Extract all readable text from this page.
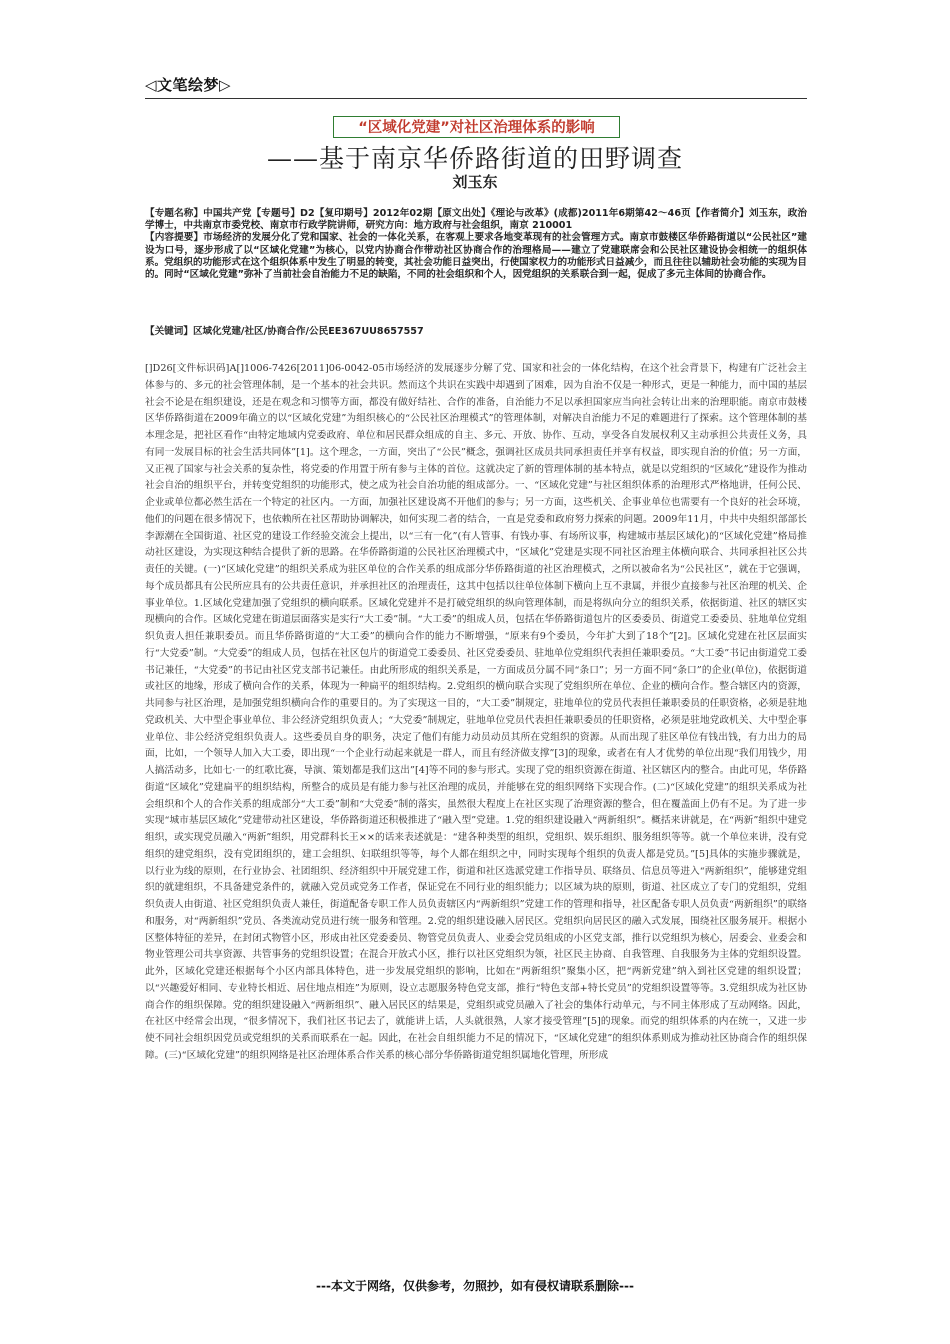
◁文笔绘梦▷
“区域化党建”对社区治理体系的影响
——基于南京华侨路街道的田野调查
刘玉东

【专题名称】中国共产党【专题号】D2【复印期号】2012年02期【原文出处】《理论与改革》(成都)2011年6期第42～46页【作者简介】刘玉东，政治学博士，中共南京市委党校、南京市行政学院讲师，研究方向：地方政府与社会组织，南京 210001

【内容提要】市场经济的发展分化了党和国家、社会的一体化关系，在客观上要求各地变革现有的社会管理方式。南京市鼓楼区华侨路街道以“公民社区”建设为口号，逐步形成了以“区域化党建”为核心，以党内协商合作带动社区协商合作的治理格局——建立了党建联席会和公民社区建设协会相统一的组织体系。党组织的功能形式在这个组织体系中发生了明显的转变，其社会功能日益突出，行使国家权力的功能形式日益减少，而且往往以辅助社会功能的实现为目的。同时“区域化党建”弥补了当前社会自治能力不足的缺陷，不同的社会组织和个人，因党组织的关系联合到一起，促成了多元主体间的协商合作。

【关键词】区域化党建/社区/协商合作/公民EE367UU8657557

[]D26[文件标识码]A[]1006-7426[2011]06-0042-05市场经济的发展逐步分解了党、国家和社会的一体化结构，在这个社会背景下，构建有广泛社会主体参与的、多元的社会管理体制，是一个基本的社会共识。然而这个共识在实践中却遇到了困难，因为自治不仅是一种形式，更是一种能力，而中国的基层社会不论是在组织建设，还是在观念和习惯等方面，都没有做好结社、合作的准备，自治能力不足以承担国家应当向社会转让出来的治理职能。南京市鼓楼区华侨路街道在2009年确立的以“区域化党建”为组织核心的“公民社区治理模式”的管理体制，对解决自治能力不足的难题进行了探索。这个管理体制的基本理念是，把社区看作“由特定地域内党委政府、单位和居民群众组成的自主、多元、开放、协作、互动，享受各自发展权利又主动承担公共责任义务，具有同一发展目标的社会生活共同体”[1]。这个理念，一方面，突出了“公民”概念，强调社区成员共同承担责任并享有权益，即实现自治的价值；另一方面，又正视了国家与社会关系的复杂性，将党委的作用置于所有参与主体的首位。这就决定了新的管理体制的基本特点，就是以党组织的“区域化”建设作为推动社会自治的组织平台，并转变党组织的功能形式，使之成为社会自治功能的组成部分。一、“区域化党建”与社区组织体系的治理形式严格地讲，任何公民、企业或单位都必然生活在一个特定的社区内。一方面，加强社区建设离不开他们的参与；另一方面，这些机关、企事业单位也需要有一个良好的社会环境，他们的问题在很多情况下，也依赖所在社区帮助协调解决，如何实现二者的结合，一直是党委和政府努力探索的问题。2009年11月，中共中央组织部部长李源潮在全国街道、社区党的建设工作经验交流会上提出，以“三有一化”(有人管事、有钱办事、有场所议事，构建城市基层区域化)的“区域化党建”格局推动社区建设，为实现这种结合提供了新的思路。在华侨路街道的公民社区治理模式中，“区域化”党建是实现不同社区治理主体横向联合、共同承担社区公共责任的关键。(一)“区域化党建”的组织关系成为驻区单位的合作关系的组成部分华侨路街道的社区治理模式，之所以被命名为“公民社区”，就在于它强调，每个成员都具有公民所应具有的公共责任意识，并承担社区的治理责任，这其中包括以往单位体制下横向上互不隶属，并很少直接参与社区治理的机关、企事业单位。1.区域化党建加强了党组织的横向联系。区域化党建并不是打破党组织的纵向管理体制，而是将纵向分立的组织关系，依据街道、社区的辖区实现横向的合作。区域化党建在街道层面落实是实行“大工委”制。“大工委”的组成人员，包括在华侨路街道包片的区委委员、街道党工委委员、驻地单位党组织负责人担任兼职委员。而且华侨路街道的“大工委”的横向合作的能力不断增强，“原来有9个委员，今年扩大到了18个”[2]。区域化党建在社区层面实行“大党委”制。“大党委”的组成人员，包括在社区包片的街道党工委委员、社区党委委员、驻地单位党组织代表担任兼职委员。“大工委”书记由街道党工委书记兼任，“大党委”的书记由社区党支部书记兼任。由此所形成的组织关系是，一方面成员分属不同“条口”；另一方面不同“条口”的企业(单位)，依据街道或社区的地缘，形成了横向合作的关系，体现为一种扁平的组织结构。2.党组织的横向联合实现了党组织所在单位、企业的横向合作。整合辖区内的资源，共同参与社区治理，是加强党组织横向合作的重要目的。为了实现这一目的，“大工委”制规定，驻地单位的党员代表担任兼职委员的任职资格，必须是驻地党政机关、大中型企事业单位、非公经济党组织负责人；“大党委”制规定，驻地单位党员代表担任兼职委员的任职资格，必须是驻地党政机关、大中型企事业单位、非公经济党组织负责人。这些委员自身的职务，决定了他们有能力动员动员其所在党组织的资源。从而出现了驻区单位有钱出钱，有力出力的局面，比如，一个领导人加入大工委，即出现“一个企业行动起来就是一群人，而且有经济做支撑”[3]的现象，或者在有人才优势的单位出现“我们用钱少，用人搞活动多，比如七·一的红歌比赛，导演、策划都是我们这出”[4]等不同的参与形式。实现了党的组织资源在街道、社区辖区内的整合。由此可见，华侨路街道“区域化”党建扁平的组织结构，所整合的成员是有能力参与社区治理的成员，并能够在党的组织网络下实现合作。(二)“区域化党建”的组织关系成为社会组织和个人的合作关系的组成部分“大工委”制和“大党委”制的落实，虽然很大程度上在社区实现了治理资源的整合，但在覆盖面上仍有不足。为了进一步实现“城市基层区域化”党建带动社区建设，华侨路街道还积极推进了“融入型”党建。1.党的组织建设融入“两新组织”。概括来讲就是，在“两新”组织中建党组织，或实现党员融入“两新”组织，用党群科长王××的话来表述就是：“建各种类型的组织，党组织、娱乐组织、服务组织等等。就一个单位来讲，没有党组织的建党组织，没有党团组织的，建工会组织、妇联组织等等，每个人都在组织之中，同时实现每个组织的负责人都是党员。”[5]具体的实施步骤就是，以行业为线的原则，在行业协会、社团组织、经济组织中开展党建工作，街道和社区选派党建工作指导员、联络员、信息员等进入“两新组织”，能够建党组织的就建组织，不具备建党条件的，就融入党员或党务工作者，保证党在不同行业的组织能力；以区域为块的原则，街道、社区成立了专门的党组织，党组织负责人由街道、社区党组织负责人兼任，街道配备专职工作人员负责辖区内“两新组织”党建工作的管理和指导，社区配备专职人员负责“两新组织”的联络和服务，对“两新组织”党员、各类流动党员进行统一服务和管理。2.党的组织建设融入居民区。党组织向居民区的融入式发展，围绕社区服务展开。根据小区整体特征的差异，在封闭式物管小区，形成由社区党委委员、物管党员负责人、业委会党员组成的小区党支部，推行以党组织为核心，居委会、业委会和物业管理公司共享资源、共管事务的党组织设置；在混合开放式小区，推行以社区党组织为领，社区民主协商、自我管理、自我服务为主体的党组织设置。此外，区域化党建还根据每个小区内部具体特色，进一步发展党组织的影响，比如在“两新组织”聚集小区，把“两新党建”纳入到社区党建的组织设置；以“兴趣爱好相同、专业特长相近、居住地点相连”为原则，设立志愿服务特色党支部，推行“特色支部+特长党员”的党组织设置等等。3.党组织成为社区协商合作的组织保障。党的组织建设融入“两新组织”、融入居民区的结果是，党组织或党员融入了社会的集体行动单元，与不同主体形成了互动网络。因此，在社区中经常会出现，“很多情况下，我们社区书记去了，就能讲上话，人头就很熟，人家才接受管理”[5]的现象。而党的组织体系的内在统一，又进一步使不同社会组织因党员或党组织的关系而联系在一起。因此，在社会自组织能力不足的情况下，“区域化党建”的组织体系则成为推动社区协商合作的组织保障。(三)“区域化党建”的组织网络是社区治理体系合作关系的核心部分华侨路街道党组织属地化管理，所形成

---本文于网络，仅供参考，勿照抄，如有侵权请联系删除---
